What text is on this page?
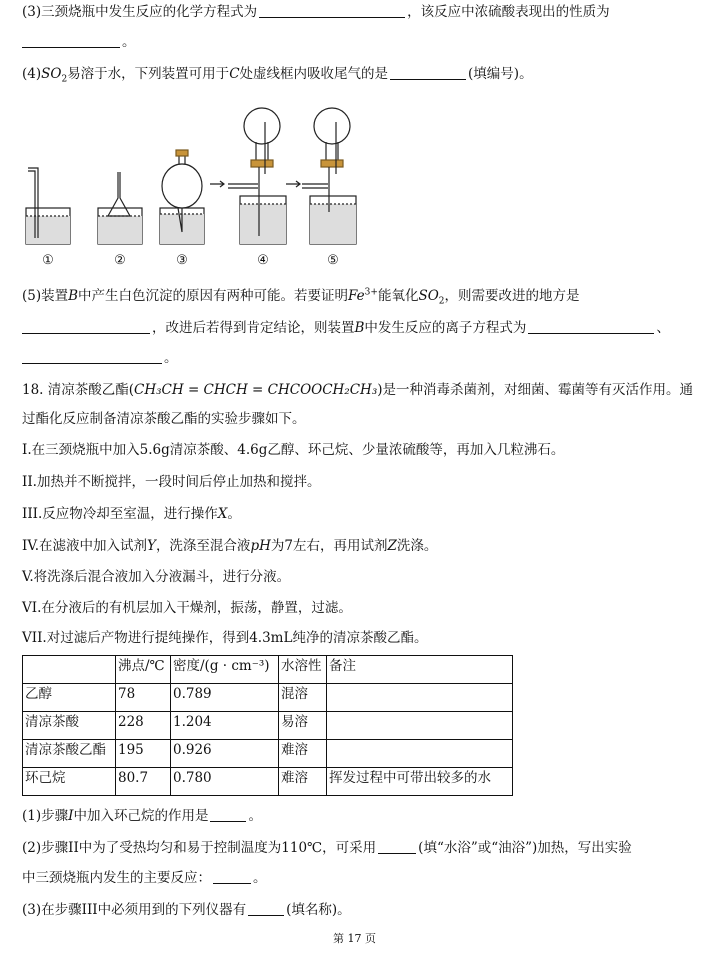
(3)三颈烧瓶中发生反应的化学方程式为	，该反应中浓硫酸表现出的性质为
。
$(4)SO_2$易溶于水，下列装置可用于C处虚线框内吸收尾气的是	(填编号)。
①	②	③	④	⑤
(5)装置B中产生白色沉淀的原因有两种可能。若要证明$Fe^{3+}$能氧化$SO_2$，则需要改进的地方是
，改进后若得到肯定结论，则装置B中发生反应的离子方程式为	、
。
18. 清凉茶酸乙酯(CH₃CH = CHCH = CHCOOCH₂CH₃)是一种消毒杀菌剂，对细菌、霉菌等有灭活作用。通
过酯化反应制备清凉茶酸乙酯的实验步骤如下。
I.在三颈烧瓶中加入5.6g清凉茶酸、4.6g乙醇、环己烷、少量浓硫酸等，再加入几粒沸石。
II.加热并不断搅拌，一段时间后停止加热和搅拌。
III.反应物冷却至室温，进行操作X。
IV.在滤液中加入试剂Y，洗涤至混合液pH为7左右，再用试剂Z洗涤。
V.将洗涤后混合液加入分液漏斗，进行分液。
VI.在分液后的有机层加入干燥剂，振荡，静置，过滤。
VII.对过滤后产物进行提纯操作，得到4.3mL纯净的清凉茶酸乙酯。
	沸点/℃	密度/(g · cm⁻³)	水溶性	备注
乙醇	78	0.789	混溶	
清凉茶酸	228	1.204	易溶	
清凉茶酸乙酯	195	0.926	难溶	
环己烷	80.7	0.780	难溶	挥发过程中可带出较多的水
(1)步骤I中加入环己烷的作用是	。
(2)步骤II中为了受热均匀和易于控制温度为110℃，可采用	(填“水浴”或“油浴”)加热，写出实验
中三颈烧瓶内发生的主要反应：	。
(3)在步骤III中必须用到的下列仪器有	(填名称)。
第 17 页
